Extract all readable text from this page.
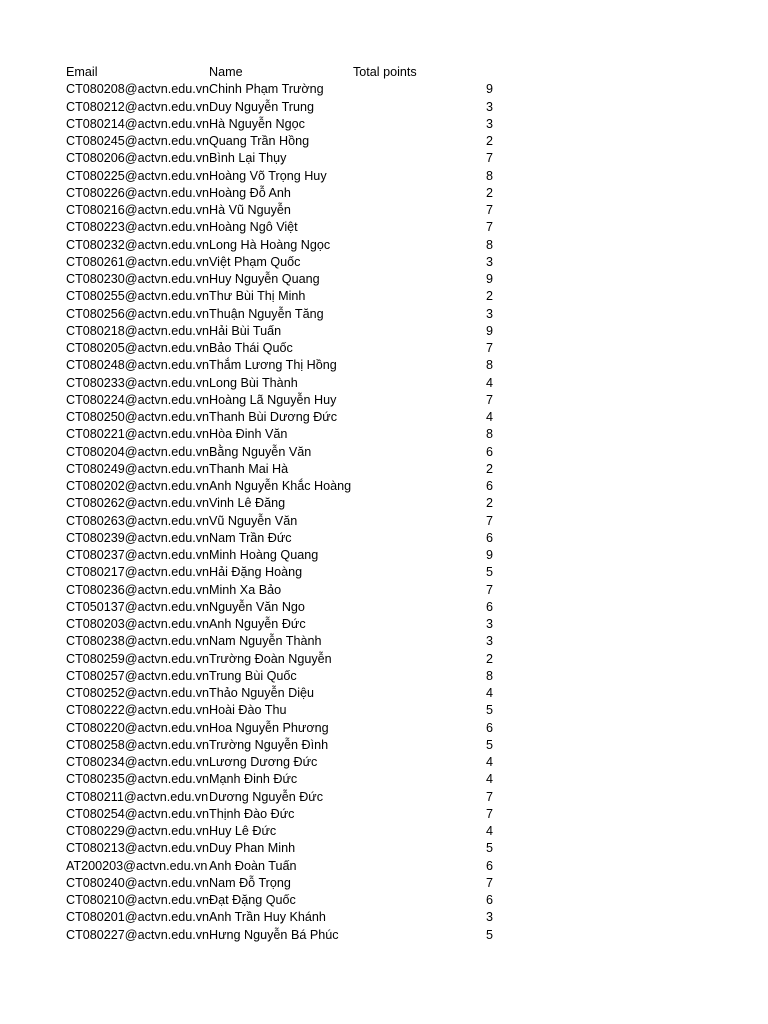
Email	Name	Total points
CT080208@actvn.edu.vn Chinh Phạm Trường	9
CT080212@actvn.edu.vn Duy Nguyễn Trung	3
CT080214@actvn.edu.vn Hà Nguyễn Ngọc	3
CT080245@actvn.edu.vn Quang Trần Hồng	2
CT080206@actvn.edu.vn Bình Lại Thụy	7
CT080225@actvn.edu.vn Hoàng Võ Trọng Huy	8
CT080226@actvn.edu.vn Hoàng Đỗ Anh	2
CT080216@actvn.edu.vn Hà Vũ Nguyễn	7
CT080223@actvn.edu.vn Hoàng Ngô Việt	7
CT080232@actvn.edu.vn Long Hà Hoàng Ngọc	8
CT080261@actvn.edu.vn Việt Phạm Quốc	3
CT080230@actvn.edu.vn Huy Nguyễn Quang	9
CT080255@actvn.edu.vn Thư Bùi Thị Minh	2
CT080256@actvn.edu.vn Thuận Nguyễn Tăng	3
CT080218@actvn.edu.vn Hải Bùi Tuấn	9
CT080205@actvn.edu.vn Bảo Thái Quốc	7
CT080248@actvn.edu.vn Thắm Lương Thị Hồng	8
CT080233@actvn.edu.vn Long Bùi Thành	4
CT080224@actvn.edu.vn Hoàng Lã Nguyễn Huy	7
CT080250@actvn.edu.vn Thanh Bùi Dương Đức	4
CT080221@actvn.edu.vn Hòa Đinh Văn	8
CT080204@actvn.edu.vn Bằng Nguyễn Văn	6
CT080249@actvn.edu.vn Thanh Mai Hà	2
CT080202@actvn.edu.vn Anh Nguyễn Khắc Hoàng	6
CT080262@actvn.edu.vn Vinh Lê Đăng	2
CT080263@actvn.edu.vn Vũ Nguyễn Văn	7
CT080239@actvn.edu.vn Nam Trần Đức	6
CT080237@actvn.edu.vn Minh Hoàng Quang	9
CT080217@actvn.edu.vn Hải Đặng Hoàng	5
CT080236@actvn.edu.vn Minh Xa Bảo	7
CT050137@actvn.edu.vn Nguyễn Văn Ngo	6
CT080203@actvn.edu.vn Anh Nguyễn Đức	3
CT080238@actvn.edu.vn Nam Nguyễn Thành	3
CT080259@actvn.edu.vn Trường Đoàn Nguyễn	2
CT080257@actvn.edu.vn Trung Bùi Quốc	8
CT080252@actvn.edu.vn Thảo Nguyễn Diệu	4
CT080222@actvn.edu.vn Hoài Đào Thu	5
CT080220@actvn.edu.vn Hoa Nguyễn Phương	6
CT080258@actvn.edu.vn Trường Nguyễn Đình	5
CT080234@actvn.edu.vn Lương Dương Đức	4
CT080235@actvn.edu.vn Mạnh Đinh Đức	4
CT080211@actvn.edu.vn Dương Nguyễn Đức	7
CT080254@actvn.edu.vn Thịnh Đào Đức	7
CT080229@actvn.edu.vn Huy Lê Đức	4
CT080213@actvn.edu.vn Duy Phan Minh	5
AT200203@actvn.edu.vn Anh Đoàn Tuấn	6
CT080240@actvn.edu.vn Nam Đỗ Trọng	7
CT080210@actvn.edu.vn Đạt Đặng Quốc	6
CT080201@actvn.edu.vn Anh Trần Huy Khánh	3
CT080227@actvn.edu.vn Hưng Nguyễn Bá Phúc	5
